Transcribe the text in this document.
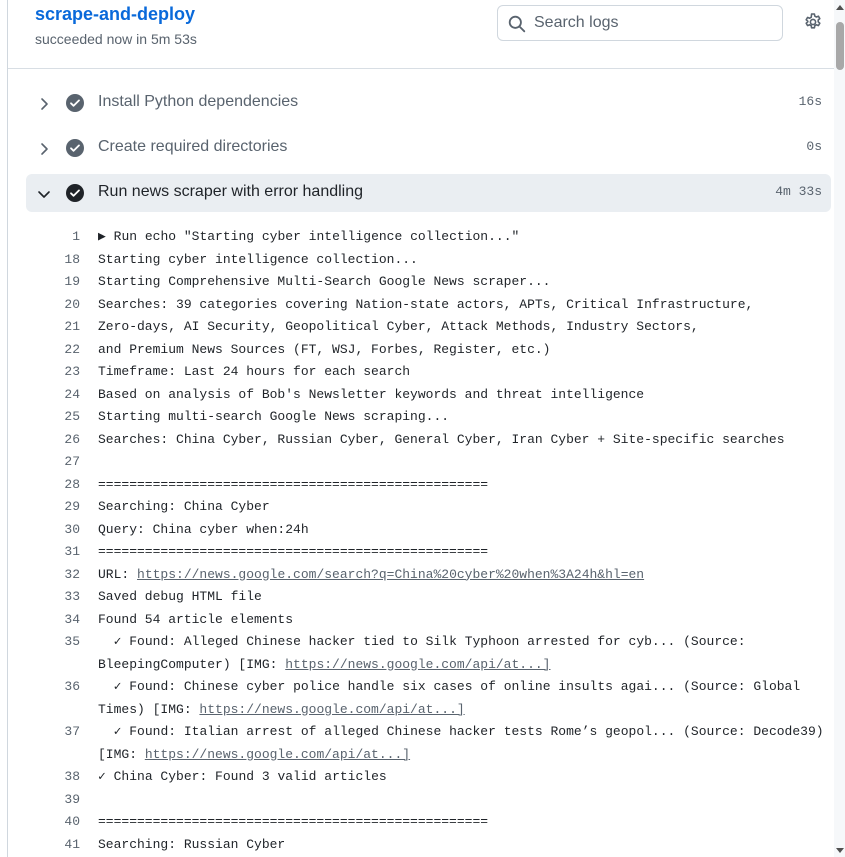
scrape-and-deploy
succeeded now in 5m 53s
Search logs
Install Python dependencies	16s
Create required directories	0s
Run news scraper with error handling	4m 33s
1 ▶ Run echo "Starting cyber intelligence collection..."
18 Starting cyber intelligence collection...
19 Starting Comprehensive Multi-Search Google News scraper...
20 Searches: 39 categories covering Nation-state actors, APTs, Critical Infrastructure,
21 Zero-days, AI Security, Geopolitical Cyber, Attack Methods, Industry Sectors,
22 and Premium News Sources (FT, WSJ, Forbes, Register, etc.)
23 Timeframe: Last 24 hours for each search
24 Based on analysis of Bob's Newsletter keywords and threat intelligence
25 Starting multi-search Google News scraping...
26 Searches: China Cyber, Russian Cyber, General Cyber, Iran Cyber + Site-specific searches
27
28 ==================================================
29 Searching: China Cyber
30 Query: China cyber when:24h
31 ==================================================
32 URL: https://news.google.com/search?q=China%20cyber%20when%3A24h&hl=en
33 Saved debug HTML file
34 Found 54 article elements
35 ✓ Found: Alleged Chinese hacker tied to Silk Typhoon arrested for cyb... (Source: BleepingComputer) [IMG: https://news.google.com/api/at...]
36 ✓ Found: Chinese cyber police handle six cases of online insults agai... (Source: Global Times) [IMG: https://news.google.com/api/at...]
37 ✓ Found: Italian arrest of alleged Chinese hacker tests Rome’s geopol... (Source: Decode39) [IMG: https://news.google.com/api/at...]
38 ✓ China Cyber: Found 3 valid articles
39
40 ==================================================
41 Searching: Russian Cyber
